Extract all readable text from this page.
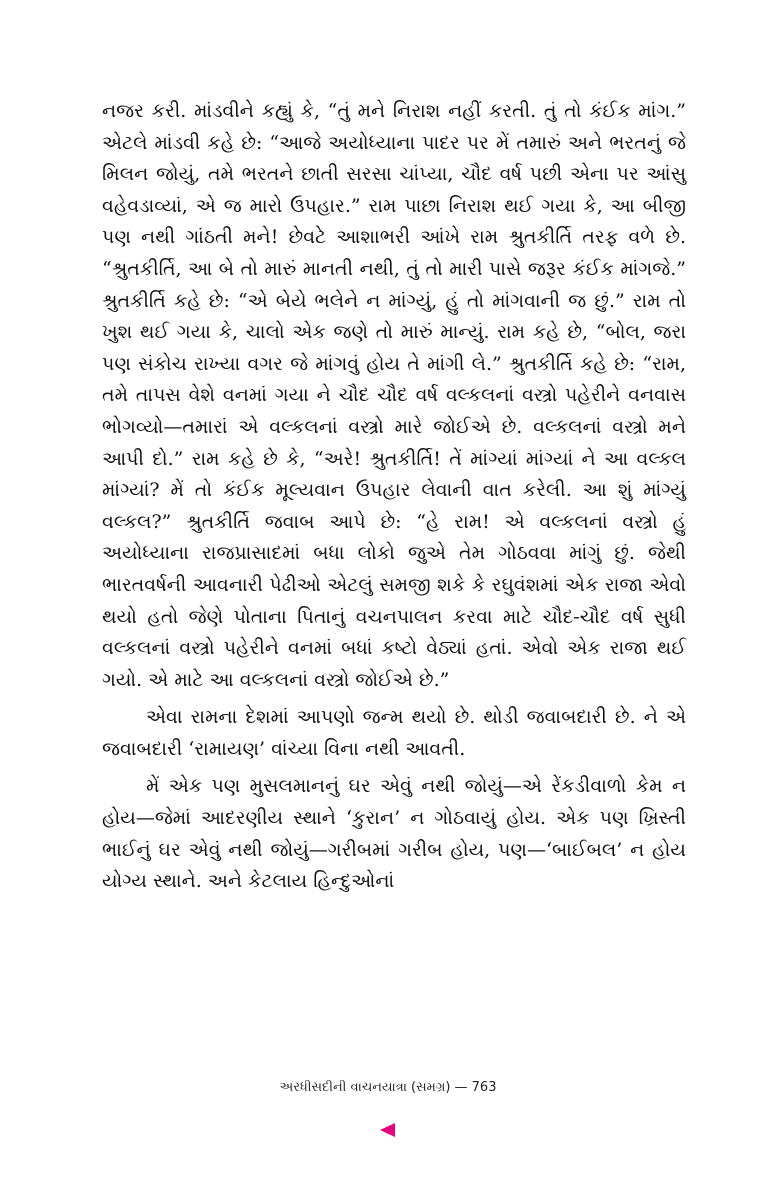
નજર કરી. માંડવીને કહ્યું કે, “તું મને નિરાશ નહીં કરતી. તું તો કંઈક માંગ.” એટલે માંડવી કહે છે: “આજે અયોધ્યાના પાદર પર મેં તમારું અને ભરતનું જે મિલન જોયું, તમે ભરતને છાતી સરસા ચાંપ્યા, ચૌદ વર્ષ પછી એના પર આંસુ વહેવડાવ્યાં, એ જ મારો ઉપહાર.” રામ પાછા નિરાશ થઈ ગયા કે, આ બીજી પણ નથી ગાંઠતી મને! છેવટે આશાભરી આંખે રામ શ્રુતકીર્તિ તરફ વળે છે. “શ્રુતકીર્તિ, આ બે તો મારું માનતી નથી, તું તો મારી પાસે જરૂર કંઈક માંગજે.” શ્રુતકીર્તિ કહે છે: “એ બેયે ભલેને ન માંગ્યું, હું તો માંગવાની જ છું.” રામ તો ખુશ થઈ ગયા કે, ચાલો એક જણે તો મારું માન્યું. રામ કહે છે, “બોલ, જરા પણ સંકોચ રાખ્યા વગર જે માંગવું હોય તે માંગી લે.” શ્રુતકીર્તિ કહે છે: “રામ, તમે તાપસ વેશે વનમાં ગયા ને ચૌદ ચૌદ વર્ષ વલ્કલનાં વસ્ત્રો પહેરીને વનવાસ ભોગવ્યો—તમારાં એ વલ્કલનાં વસ્ત્રો મારે જોઈએ છે. વલ્કલનાં વસ્ત્રો મને આપી દો.” રામ કહે છે કે, “અરે! શ્રુતકીર્તિ! તેં માંગ્યાં માંગ્યાં ને આ વલ્કલ માંગ્યાં? મેં તો કંઈક મૂલ્યવાન ઉપહાર લેવાની વાત કરેલી. આ શું માંગ્યું વલ્કલ?” શ્રુતકીર્તિ જવાબ આપે છે: “હે રામ! એ વલ્કલનાં વસ્ત્રો હું અયોધ્યાના રાજપ્રાસાદમાં બધા લોકો જુએ તેમ ગોઠવવા માંગું છું. જેથી ભારતવર્ષની આવનારી પેઢીઓ એટલું સમજી શકે કે રઘુવંશમાં એક રાજા એવો થયો હતો જેણે પોતાના પિતાનું વચનપાલન કરવા માટે ચૌદ-ચૌદ વર્ષ સુધી વલ્કલનાં વસ્ત્રો પહેરીને વનમાં બધાં કષ્ટો વેઠ્યાં હતાં. એવો એક રાજા થઈ ગયો. એ માટે આ વલ્કલનાં વસ્ત્રો જોઈએ છે.”

એવા રામના દેશમાં આપણો જન્મ થયો છે. થોડી જવાબદારી છે. ને એ જવાબદારી ‘રામાયણ’ વાંચ્યા વિના નથી આવતી.

મેં એક પણ મુસલમાનનું ઘર એવું નથી જોયું—એ રેંકડીવાળો કેમ ન હોય—જેમાં આદરણીય સ્થાને ‘કુરાન’ ન ગોઠવાયું હોય. એક પણ ખ્રિસ્તી ભાઈનું ઘર એવું નથી જોયું—ગરીબમાં ગરીબ હોય, પણ—‘બાઈબલ’ ન હોય યોગ્ય સ્થાને. અને કેટલાય હિન્દુઓનાં

અરધીસદીની વાચનયાત્રા (સમગ્ર) — 763
